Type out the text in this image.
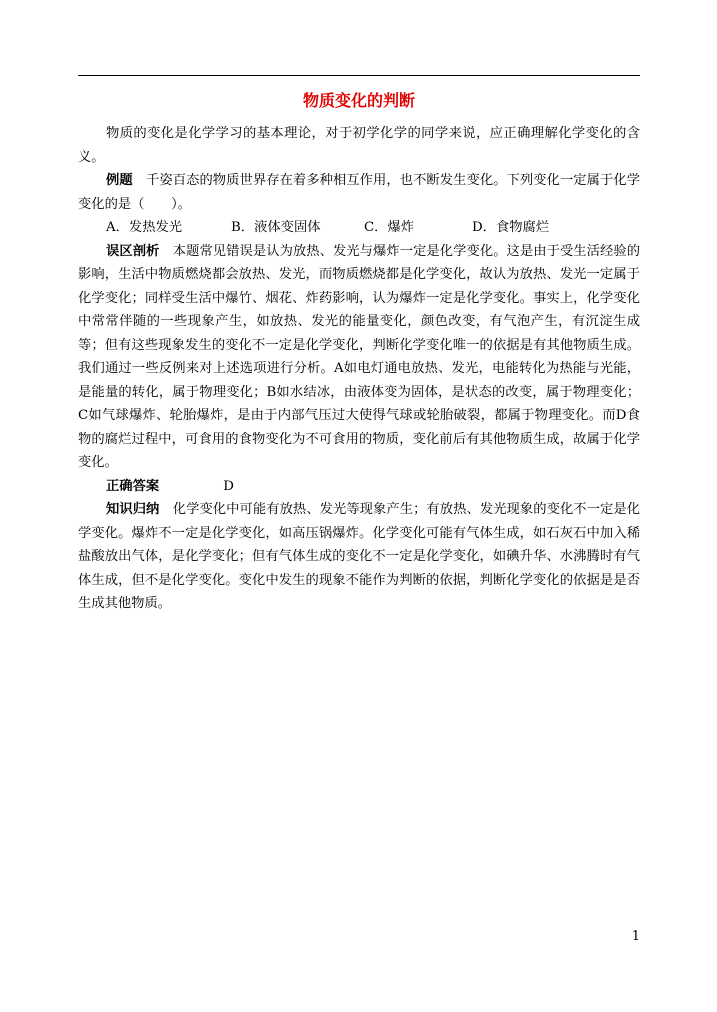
物质变化的判断

物质的变化是化学学习的基本理论，对于初学化学的同学来说，应正确理解化学变化的含义。

例题  千姿百态的物质世界存在着多种相互作用，也不断发生变化。下列变化一定属于化学变化的是（　　）。

A．发热发光	B．液体变固体	C．爆炸	D．食物腐烂

误区剖析  本题常见错误是认为放热、发光与爆炸一定是化学变化。这是由于受生活经验的影响，生活中物质燃烧都会放热、发光，而物质燃烧都是化学变化，故认为放热、发光一定属于化学变化；同样受生活中爆竹、烟花、炸药影响，认为爆炸一定是化学变化。事实上，化学变化中常常伴随的一些现象产生，如放热、发光的能量变化，颜色改变，有气泡产生，有沉淀生成等；但有这些现象发生的变化不一定是化学变化，判断化学变化唯一的依据是有其他物质生成。我们通过一些反例来对上述选项进行分析。A如电灯通电放热、发光，电能转化为热能与光能，是能量的转化，属于物理变化；B如水结冰，由液体变为固体，是状态的改变，属于物理变化；C如气球爆炸、轮胎爆炸，是由于内部气压过大使得气球或轮胎破裂，都属于物理变化。而D食物的腐烂过程中，可食用的食物变化为不可食用的物质，变化前后有其他物质生成，故属于化学变化。

正确答案	D

知识归纳  化学变化中可能有放热、发光等现象产生；有放热、发光现象的变化不一定是化学变化。爆炸不一定是化学变化，如高压锅爆炸。化学变化可能有气体生成，如石灰石中加入稀盐酸放出气体，是化学变化；但有气体生成的变化不一定是化学变化，如碘升华、水沸腾时有气体生成，但不是化学变化。变化中发生的现象不能作为判断的依据，判断化学变化的依据是是否生成其他物质。

1
